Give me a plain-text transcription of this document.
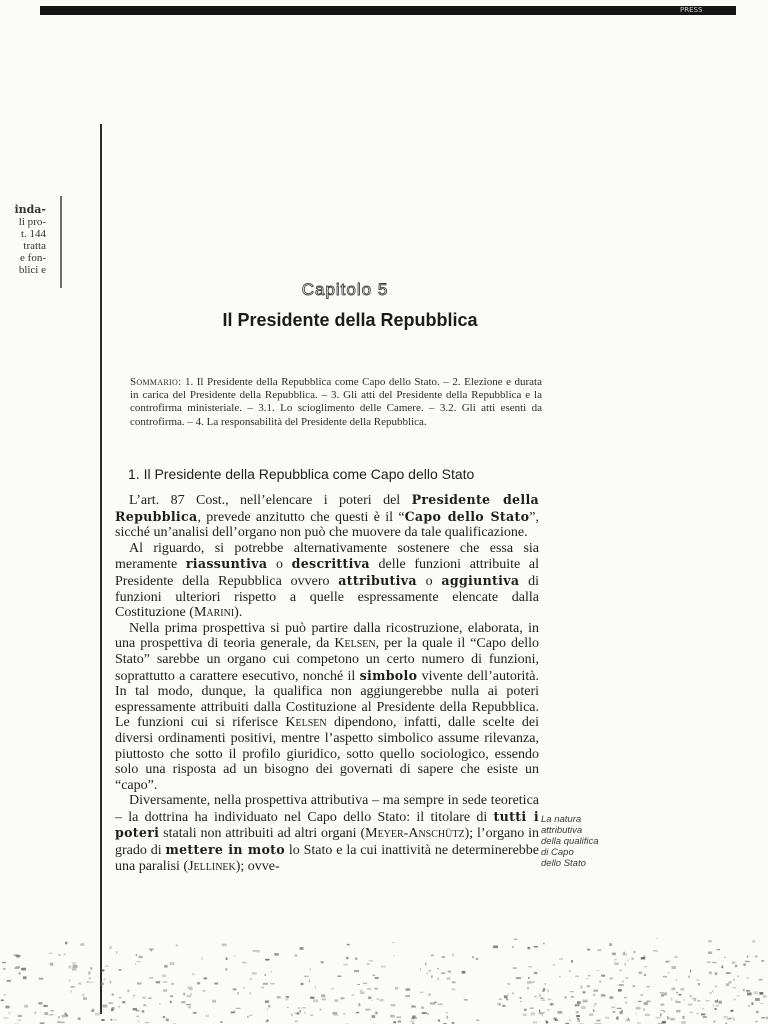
PRESS
inda-
li pro-
t. 144
tratta
e fon-
blici e
Capitolo 5
Il Presidente della Repubblica
Sommario: 1. Il Presidente della Repubblica come Capo dello Stato. – 2. Elezione e durata in carica del Presidente della Repubblica. – 3. Gli atti del Presidente della Repubblica e la controfirma ministeriale. – 3.1. Lo scioglimento delle Camere. – 3.2. Gli atti esenti da controfirma. – 4. La responsabilità del Presidente della Repubblica.
1. Il Presidente della Repubblica come Capo dello Stato

L’art. 87 Cost., nell’elencare i poteri del Presidente della Repubblica, prevede anzitutto che questi è il “Capo dello Stato”, sicché un’analisi dell’organo non può che muovere da tale qualificazione.

Al riguardo, si potrebbe alternativamente sostenere che essa sia meramente riassuntiva o descrittiva delle funzioni attribuite al Presidente della Repubblica ovvero attributiva o aggiuntiva di funzioni ulteriori rispetto a quelle espressamente elencate dalla Costituzione (Marini).

Nella prima prospettiva si può partire dalla ricostruzione, elaborata, in una prospettiva di teoria generale, da Kelsen, per la quale il “Capo dello Stato” sarebbe un organo cui competono un certo numero di funzioni, soprattutto a carattere esecutivo, nonché il simbolo vivente dell’autorità. In tal modo, dunque, la qualifica non aggiungerebbe nulla ai poteri espressamente attribuiti dalla Costituzione al Presidente della Repubblica. Le funzioni cui si riferisce Kelsen dipendono, infatti, dalle scelte dei diversi ordinamenti positivi, mentre l’aspetto simbolico assume rilevanza, piuttosto che sotto il profilo giuridico, sotto quello sociologico, essendo solo una risposta ad un bisogno dei governati di sapere che esiste un “capo”.

Diversamente, nella prospettiva attributiva – ma sempre in sede teoretica – la dottrina ha individuato nel Capo dello Stato: il titolare di tutti i poteri statali non attribuiti ad altri organi (Meyer-Anschütz); l’organo in grado di mettere in moto lo Stato e la cui inattività ne determinerebbe una paralisi (Jellinek); ovve-

La natura
attributiva
della qualifica
di Capo
dello Stato
